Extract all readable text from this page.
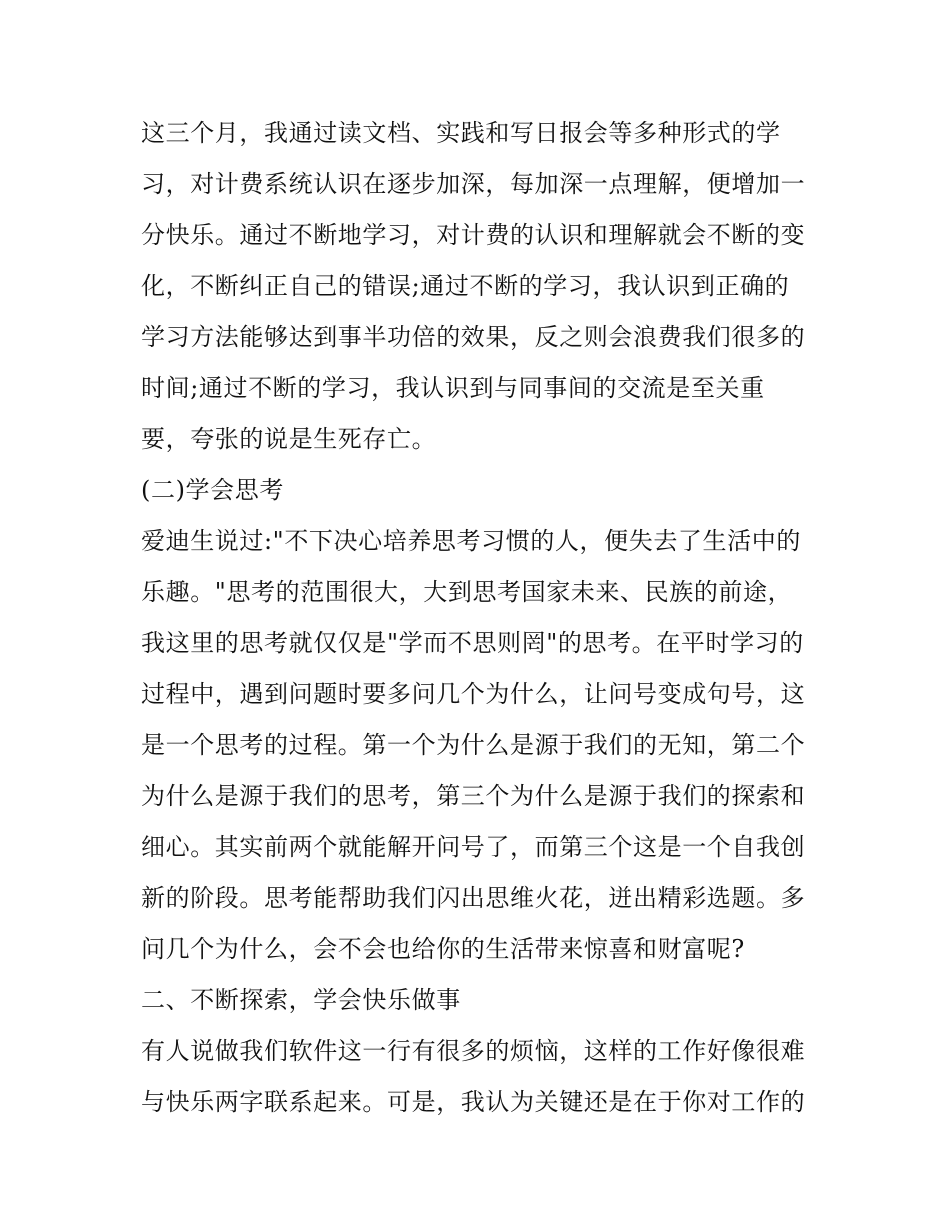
这三个月，我通过读文档、实践和写日报会等多种形式的学
习，对计费系统认识在逐步加深，每加深一点理解，便增加一
分快乐。通过不断地学习，对计费的认识和理解就会不断的变
化，不断纠正自己的错误;通过不断的学习，我认识到正确的
学习方法能够达到事半功倍的效果，反之则会浪费我们很多的
时间;通过不断的学习，我认识到与同事间的交流是至关重
要，夸张的说是生死存亡。
(二)学会思考
爱迪生说过:"不下决心培养思考习惯的人，便失去了生活中的
乐趣。"思考的范围很大，大到思考国家未来、民族的前途，
我这里的思考就仅仅是"学而不思则罔"的思考。在平时学习的
过程中，遇到问题时要多问几个为什么，让问号变成句号，这
是一个思考的过程。第一个为什么是源于我们的无知，第二个
为什么是源于我们的思考，第三个为什么是源于我们的探索和
细心。其实前两个就能解开问号了，而第三个这是一个自我创
新的阶段。思考能帮助我们闪出思维火花，迸出精彩选题。多
问几个为什么，会不会也给你的生活带来惊喜和财富呢?
二、不断探索，学会快乐做事
有人说做我们软件这一行有很多的烦恼，这样的工作好像很难
与快乐两字联系起来。可是，我认为关键还是在于你对工作的
